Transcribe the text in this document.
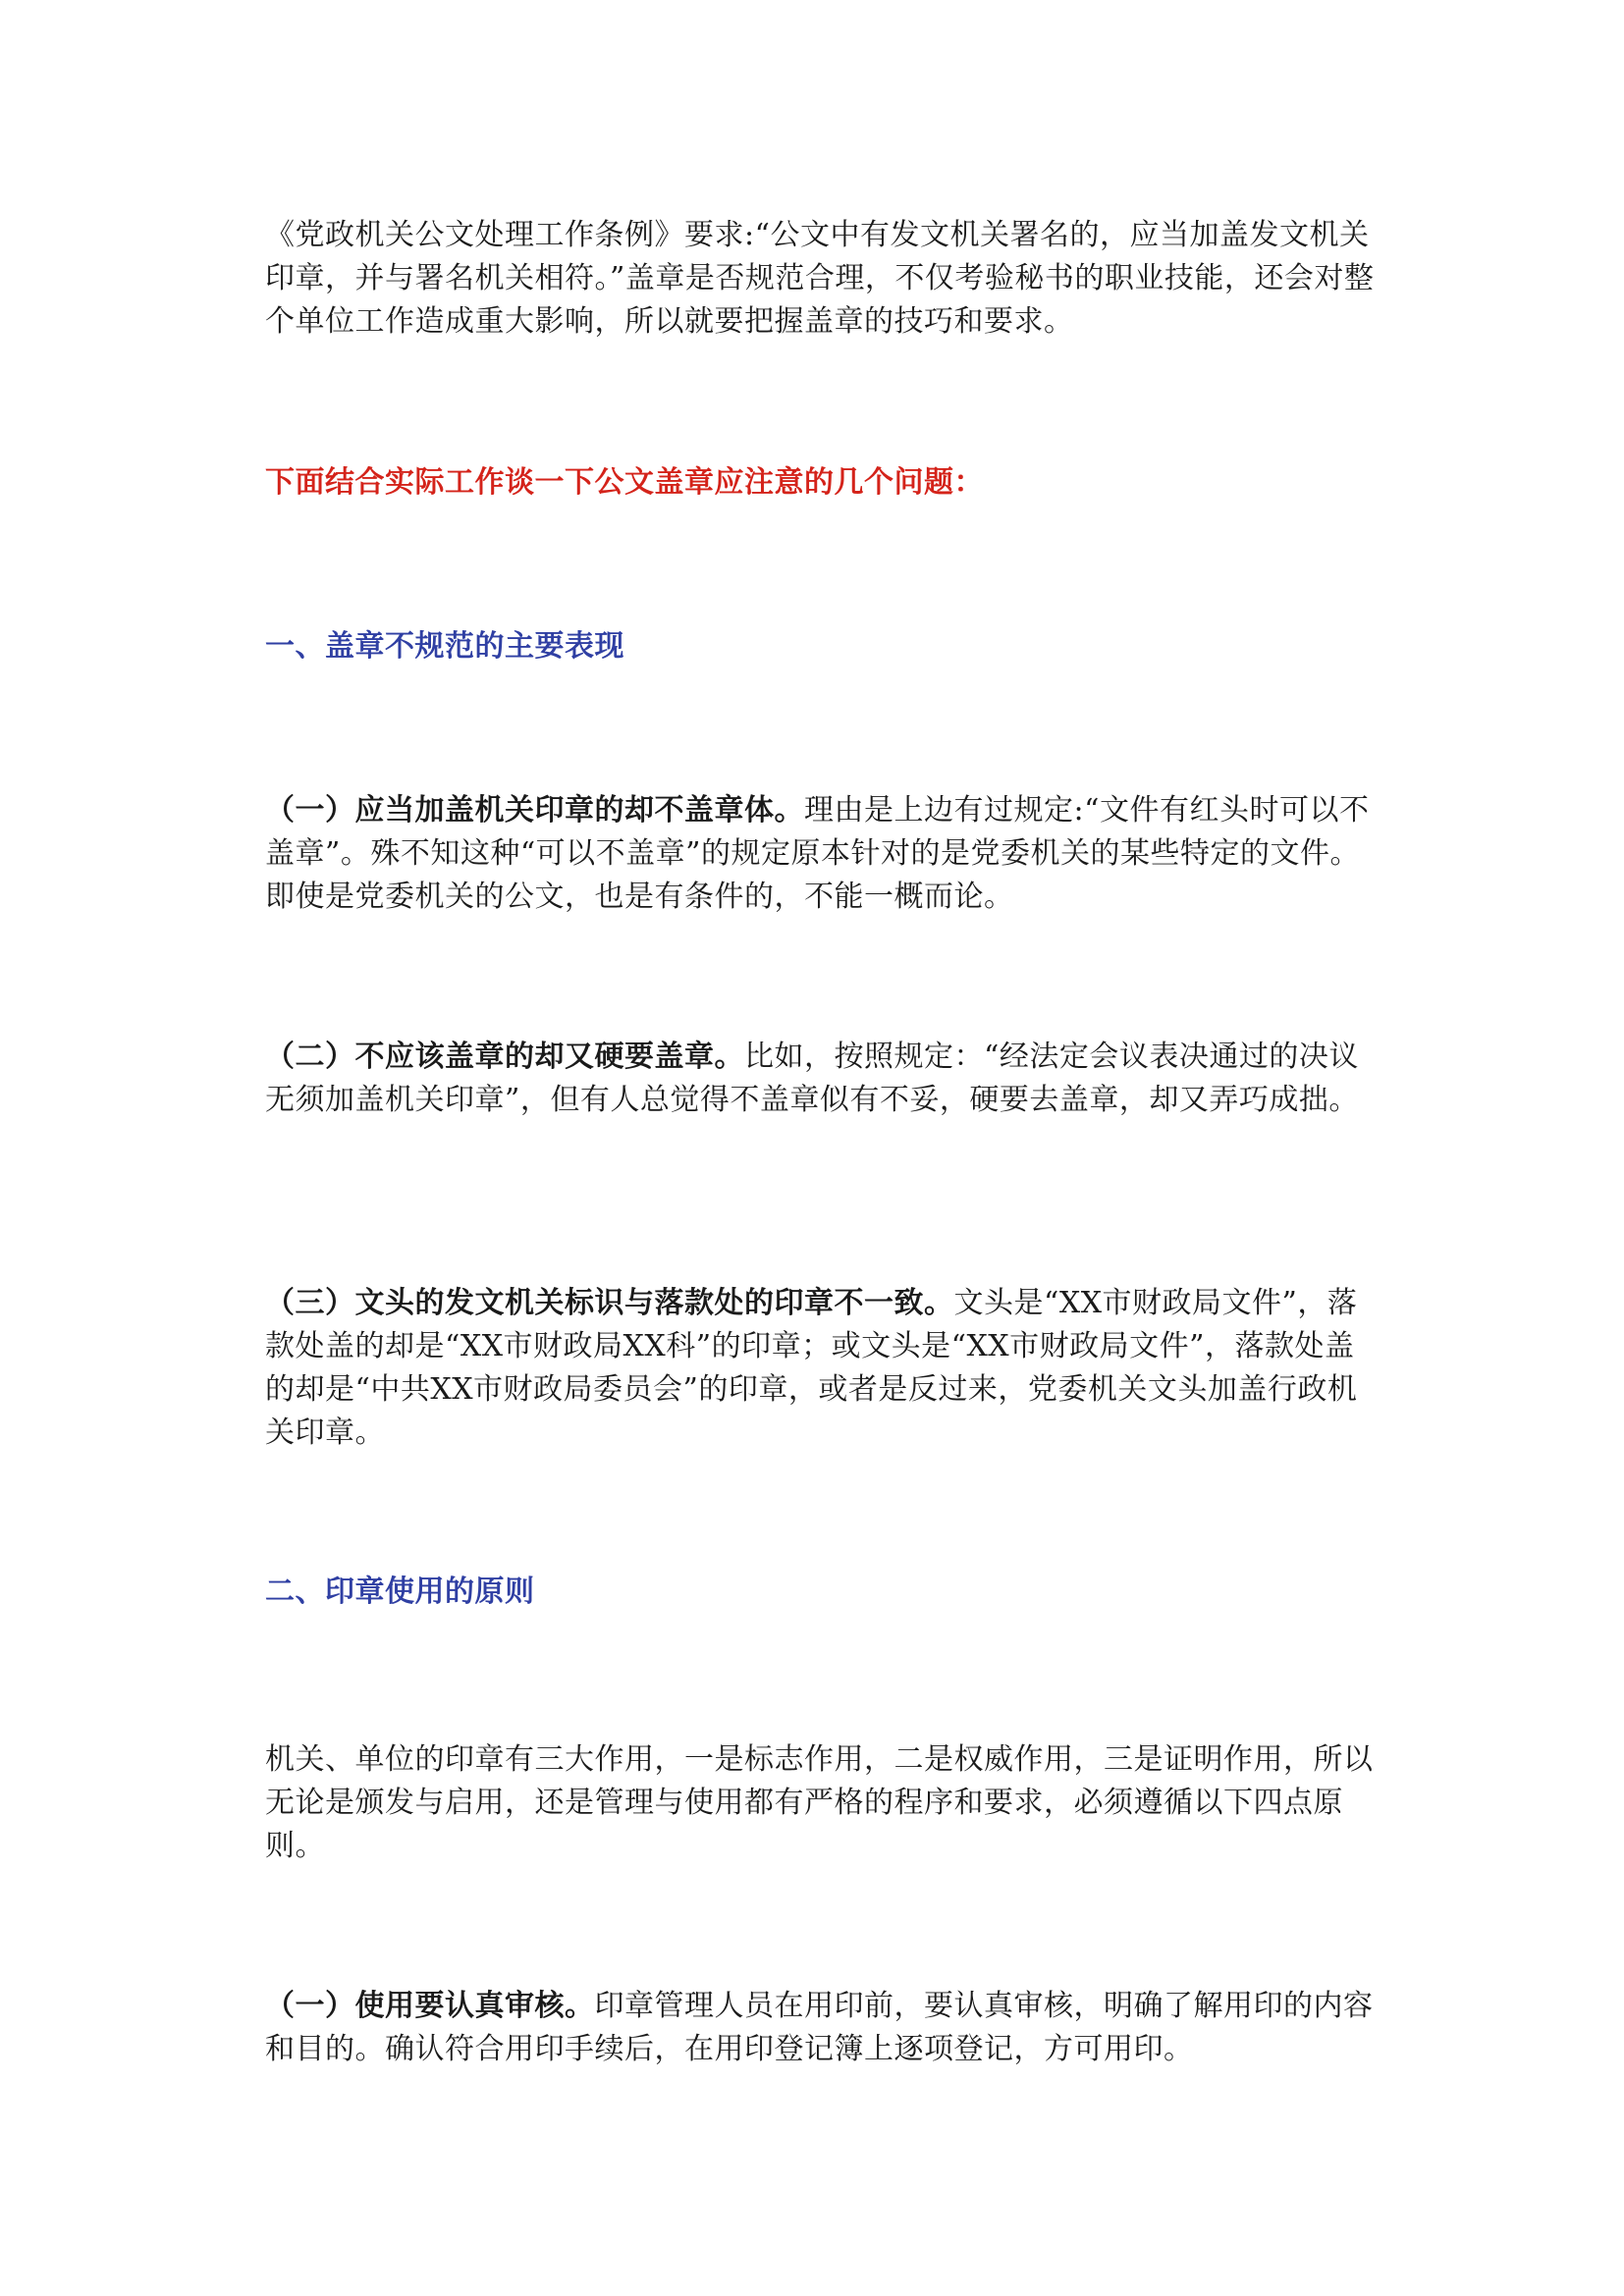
《党政机关公文处理工作条例》要求:“公文中有发文机关署名的，应当加盖发文机关印章，并与署名机关相符。”盖章是否规范合理，不仅考验秘书的职业技能，还会对整个单位工作造成重大影响，所以就要把握盖章的技巧和要求。

下面结合实际工作谈一下公文盖章应注意的几个问题：

一、盖章不规范的主要表现

（一）应当加盖机关印章的却不盖章体。理由是上边有过规定:“文件有红头时可以不盖章”。殊不知这种“可以不盖章”的规定原本针对的是党委机关的某些特定的文件。即使是党委机关的公文，也是有条件的，不能一概而论。

（二）不应该盖章的却又硬要盖章。比如，按照规定：“经法定会议表决通过的决议无须加盖机关印章”，但有人总觉得不盖章似有不妥，硬要去盖章，却又弄巧成拙。

（三）文头的发文机关标识与落款处的印章不一致。文头是“XX市财政局文件”，落款处盖的却是“XX市财政局XX科”的印章；或文头是“XX市财政局文件”，落款处盖的却是“中共XX市财政局委员会”的印章，或者是反过来，党委机关文头加盖行政机关印章。

二、印章使用的原则

机关、单位的印章有三大作用，一是标志作用，二是权威作用，三是证明作用，所以无论是颁发与启用，还是管理与使用都有严格的程序和要求，必须遵循以下四点原则。

（一）使用要认真审核。印章管理人员在用印前，要认真审核，明确了解用印的内容和目的。确认符合用印手续后，在用印登记簿上逐项登记，方可用印。
